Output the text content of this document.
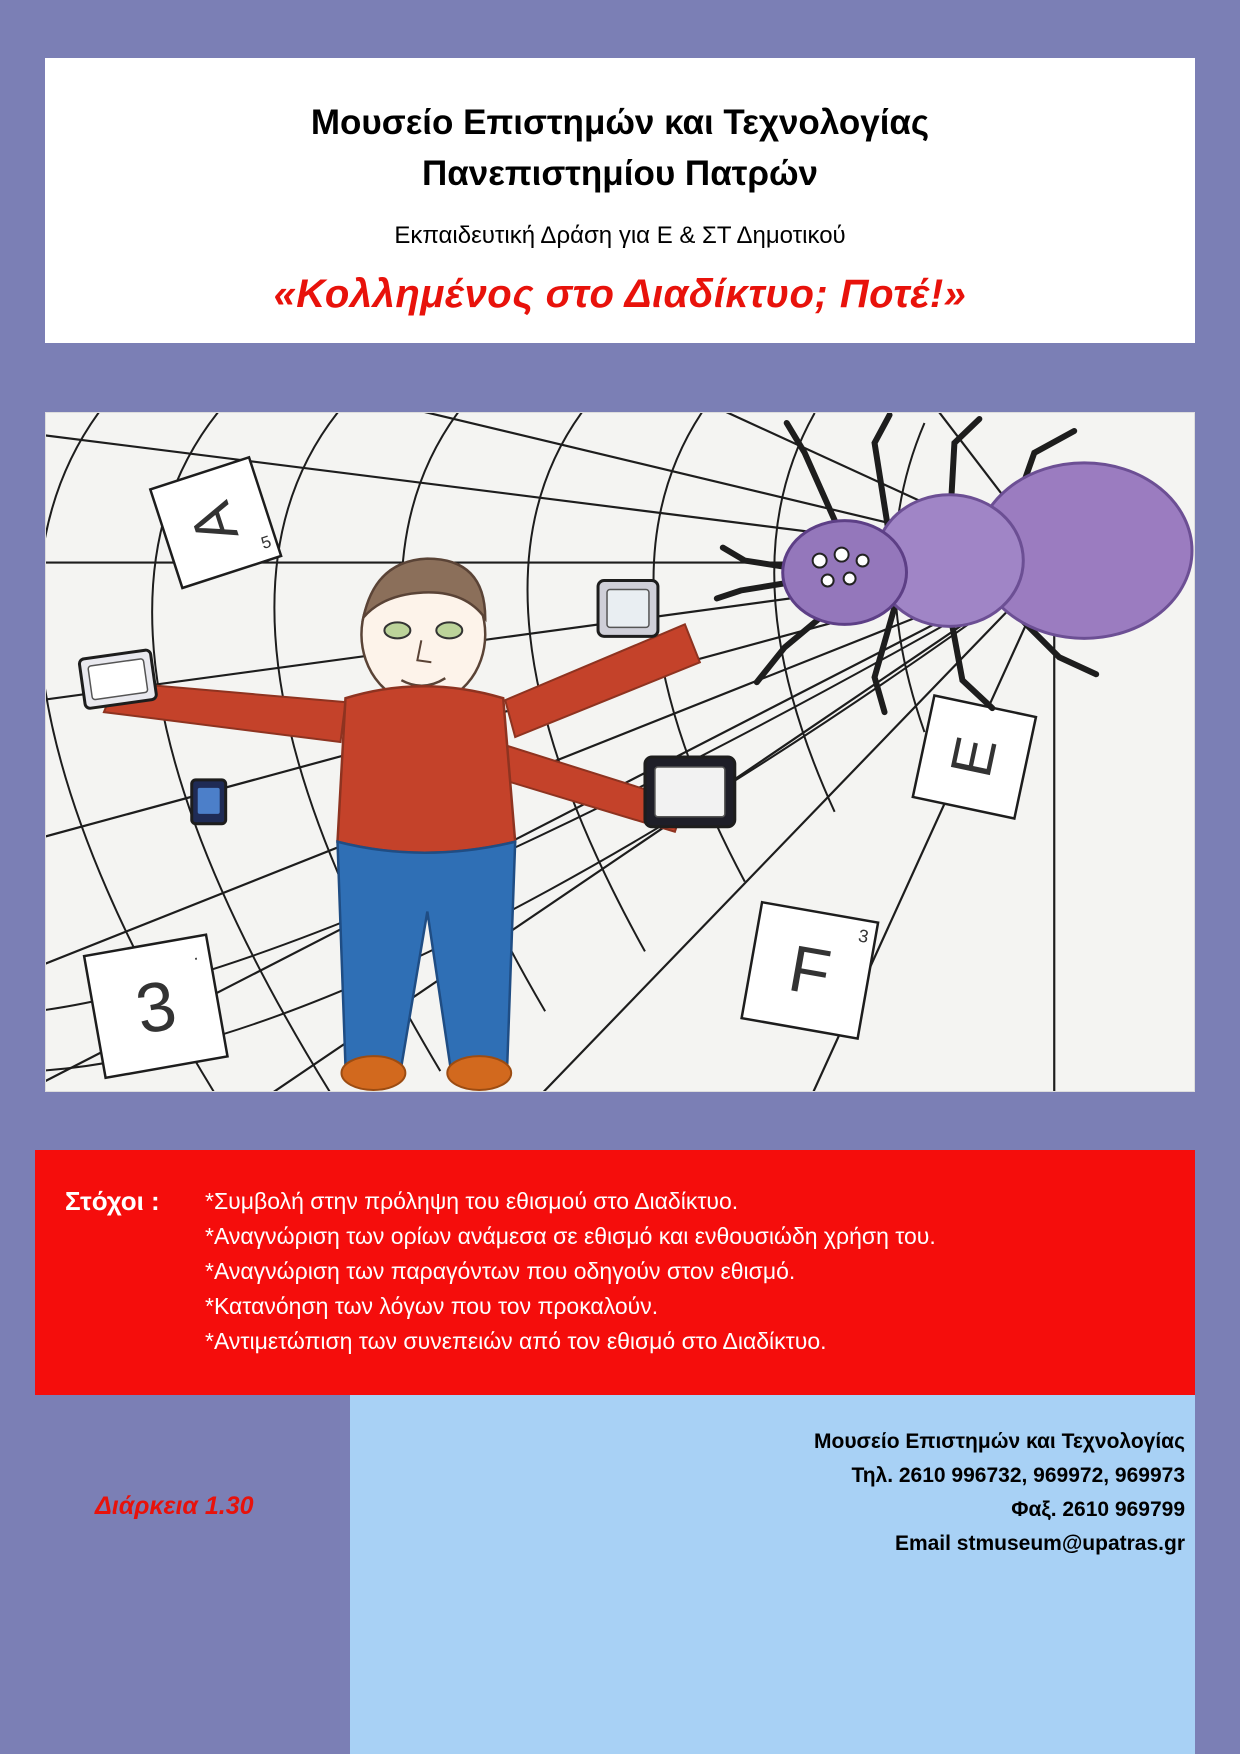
Μουσείο Επιστημών και Τεχνολογίας
Πανεπιστημίου Πατρών
Εκπαιδευτική Δράση για Ε & ΣΤ Δημοτικού
«Κολλημένος στο Διαδίκτυο; Ποτέ!»
A 5
E
F 3
3
.
Στόχοι :	*Συμβολή στην πρόληψη του εθισμού στο Διαδίκτυο.
*Αναγνώριση των ορίων ανάμεσα σε εθισμό και ενθουσιώδη χρήση του.
*Αναγνώριση των παραγόντων που οδηγούν στον εθισμό.
*Κατανόηση των λόγων που τον προκαλούν.
*Αντιμετώπιση των συνεπειών από τον εθισμό στο Διαδίκτυο.
Μουσείο Επιστημών και Τεχνολογίας
Τηλ. 2610 996732, 969972, 969973
Φαξ. 2610 969799
Email stmuseum@upatras.gr
Διάρκεια 1.30
